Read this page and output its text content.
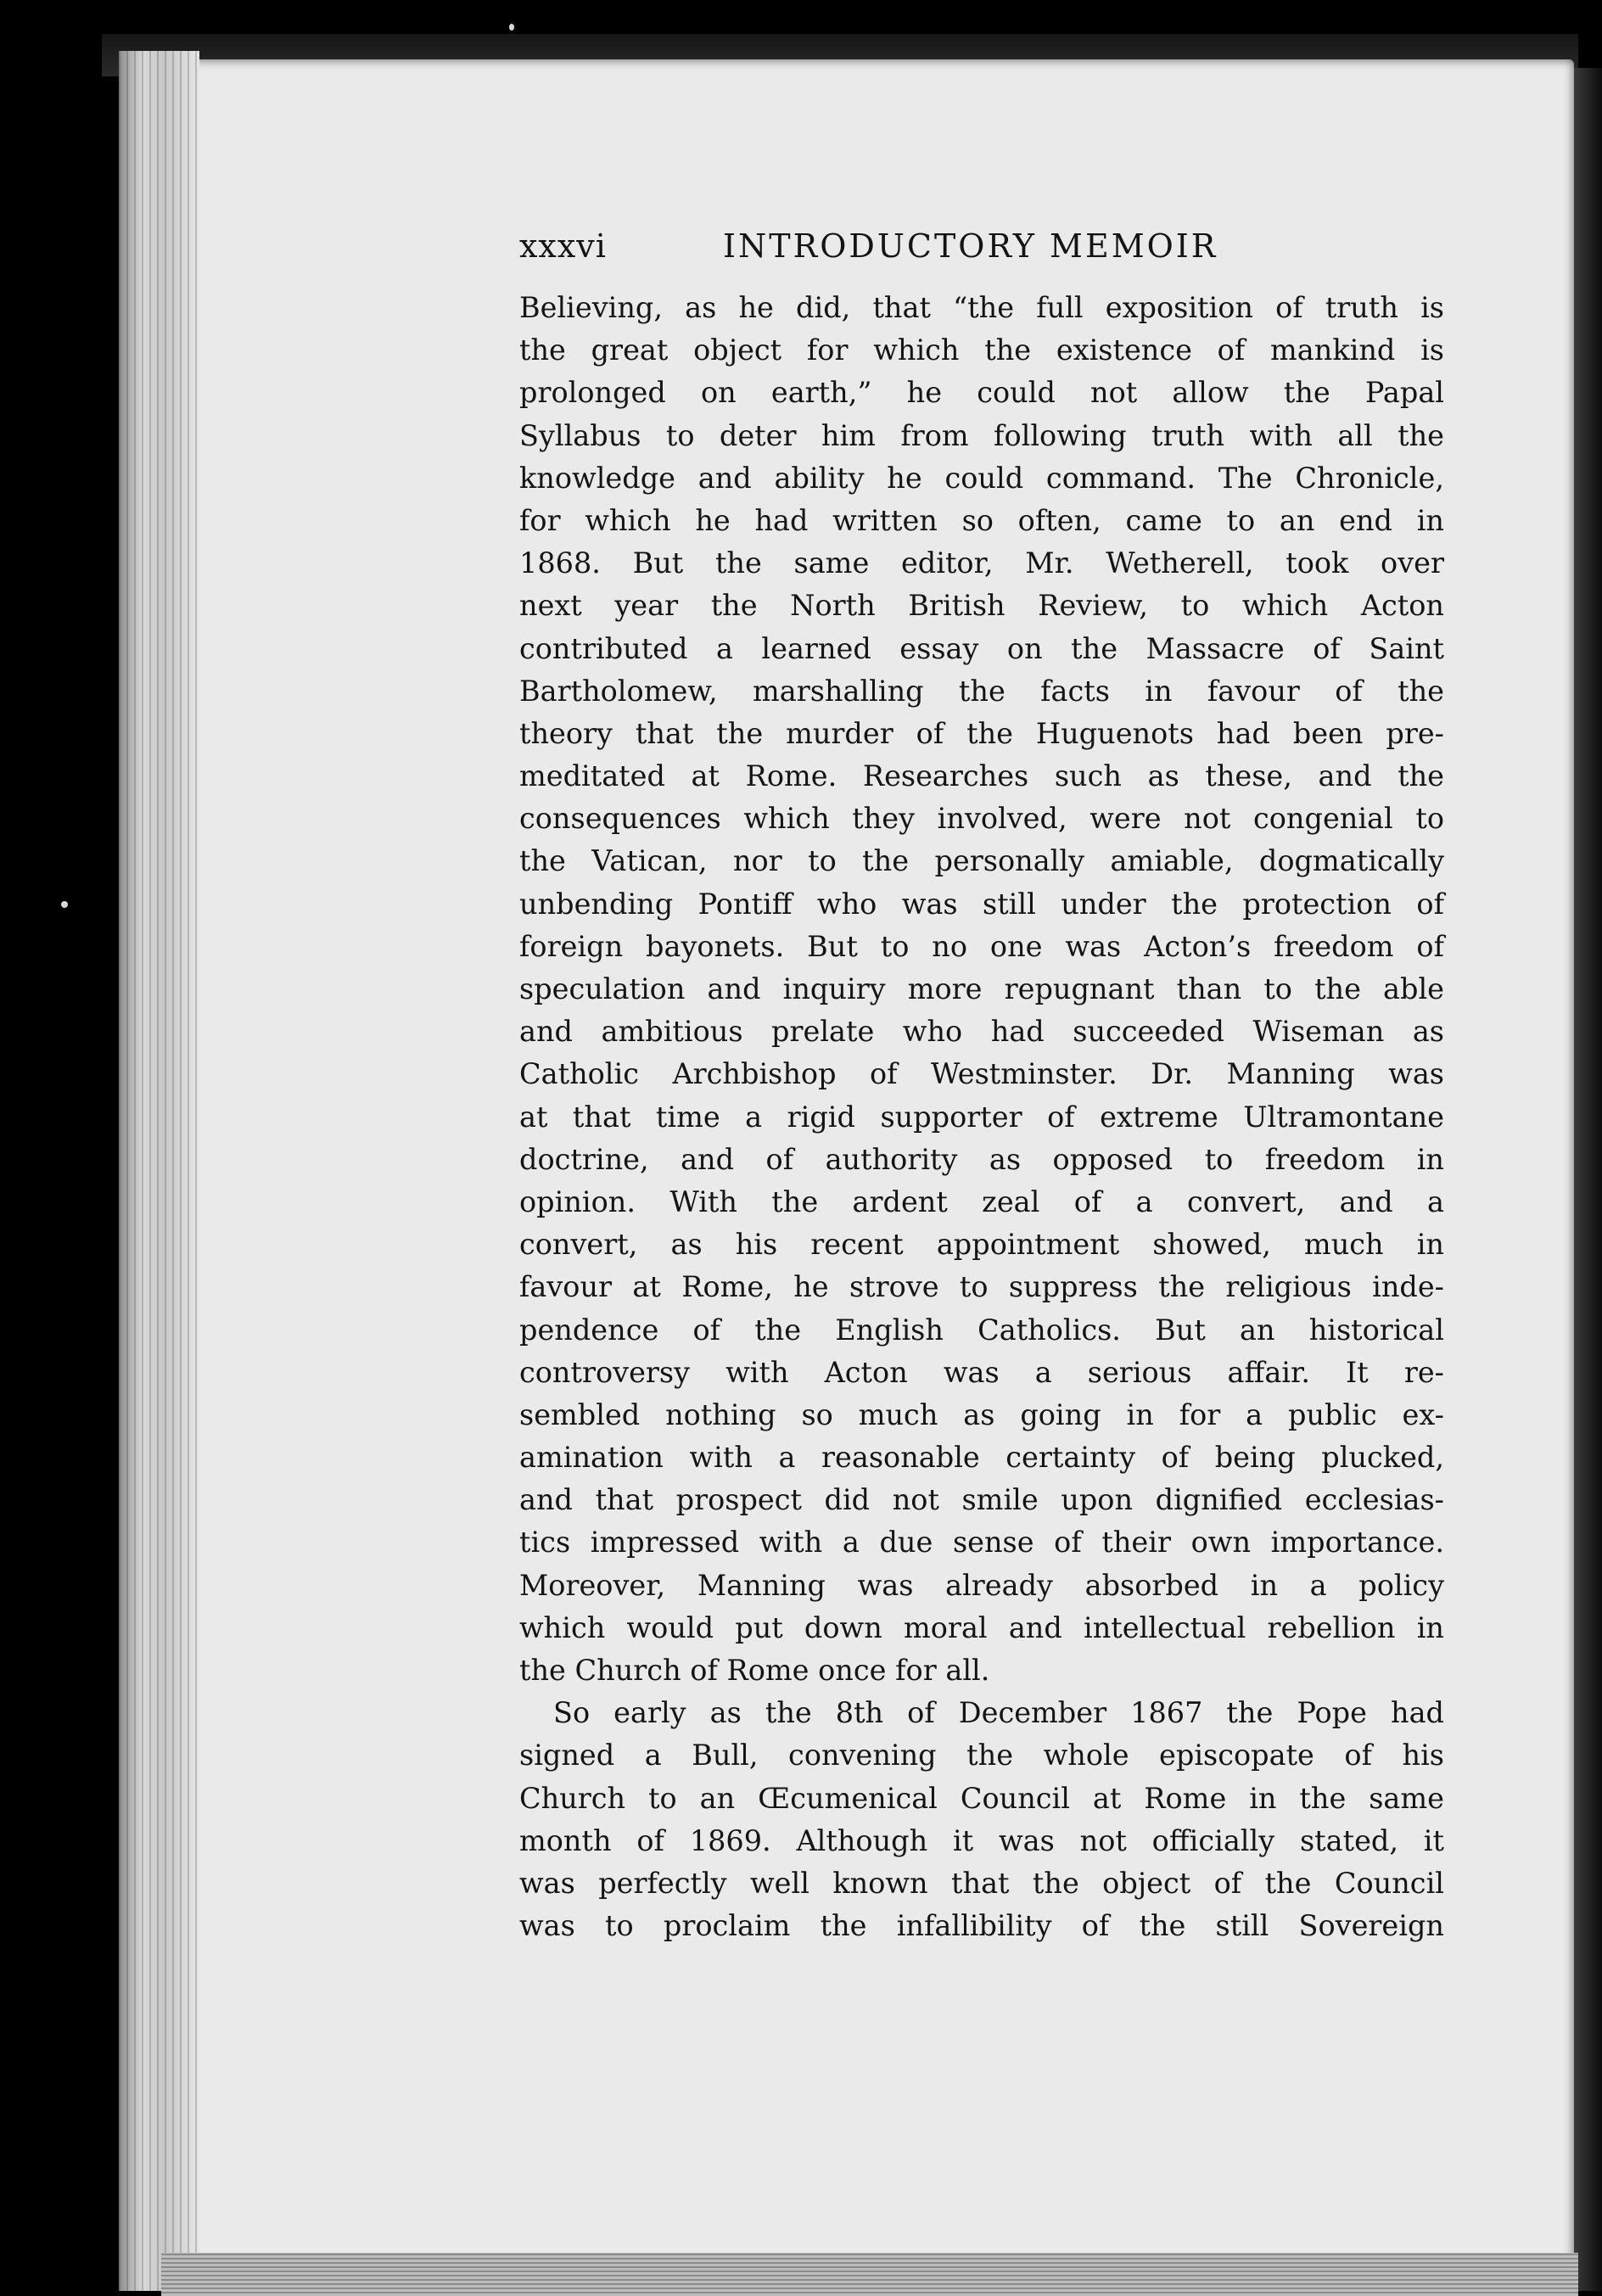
xxxvi	INTRODUCTORY MEMOIR

Believing, as he did, that “the full exposition of truth is
the great object for which the existence of mankind is
prolonged on earth,” he could not allow the Papal
Syllabus to deter him from following truth with all the
knowledge and ability he could command. The Chronicle,
for which he had written so often, came to an end in
1868. But the same editor, Mr. Wetherell, took over
next year the North British Review, to which Acton
contributed a learned essay on the Massacre of Saint
Bartholomew, marshalling the facts in favour of the
theory that the murder of the Huguenots had been pre-
meditated at Rome. Researches such as these, and the
consequences which they involved, were not congenial to
the Vatican, nor to the personally amiable, dogmatically
unbending Pontiff who was still under the protection of
foreign bayonets. But to no one was Acton’s freedom of
speculation and inquiry more repugnant than to the able
and ambitious prelate who had succeeded Wiseman as
Catholic Archbishop of Westminster. Dr. Manning was
at that time a rigid supporter of extreme Ultramontane
doctrine, and of authority as opposed to freedom in
opinion. With the ardent zeal of a convert, and a
convert, as his recent appointment showed, much in
favour at Rome, he strove to suppress the religious inde-
pendence of the English Catholics. But an historical
controversy with Acton was a serious affair. It re-
sembled nothing so much as going in for a public ex-
amination with a reasonable certainty of being plucked,
and that prospect did not smile upon dignified ecclesias-
tics impressed with a due sense of their own importance.
Moreover, Manning was already absorbed in a policy
which would put down moral and intellectual rebellion in
the Church of Rome once for all.

So early as the 8th of December 1867 the Pope had
signed a Bull, convening the whole episcopate of his
Church to an Œcumenical Council at Rome in the same
month of 1869. Although it was not officially stated, it
was perfectly well known that the object of the Council
was to proclaim the infallibility of the still Sovereign
